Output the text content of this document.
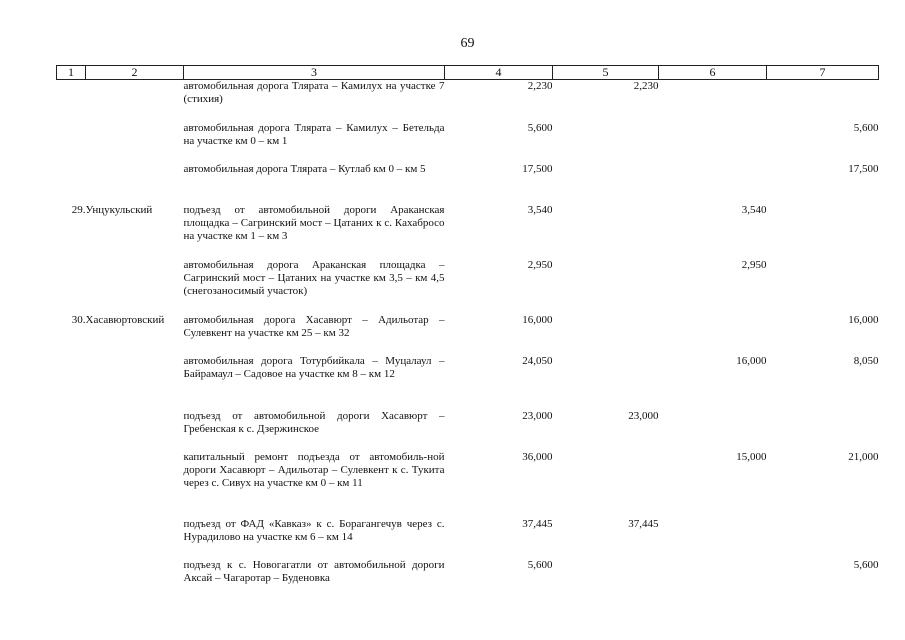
69
1	2	3	4	5	6	7
		автомобильная дорога Тлярата – Камилух на участке 7 (стихия)	2,230	2,230		
		автомобильная дорога Тлярата – Камилух – Бетельда на участке км 0 – км 1	5,600			5,600
		автомобильная дорога Тлярата – Кутлаб км 0 – км 5	17,500			17,500
29.	Унцукульский	подъезд от автомобильной дороги Араканская площадка – Сагринский мост – Цатаних к с. Кахабросо на участке км 1 – км 3	3,540		3,540	
		автомобильная дорога Араканская площадка – Сагринский мост – Цатаних на участке км 3,5 – км 4,5 (снегозаносимый участок)	2,950		2,950	
30.	Хасавюртовский	автомобильная дорога Хасавюрт – Адильотар – Сулевкент на участке км 25 – км 32	16,000			16,000
		автомобильная дорога Тотурбийкала – Муцалаул – Байрамаул – Садовое на участке км 8 – км 12	24,050		16,000	8,050
		подъезд от автомобильной дороги Хасавюрт – Гребенская к с. Дзержинское	23,000	23,000		
		капитальный ремонт подъезда от автомобиль-ной дороги Хасавюрт – Адильотар – Сулевкент к с. Тукита через с. Сивух на участке км 0 – км 11	36,000		15,000	21,000
		подъезд от ФАД «Кавказ» к с. Борагангечув через с. Нурадилово на участке км 6 – км 14	37,445	37,445		
		подъезд к с. Новогагатли от автомобильной дороги Аксай – Чагаротар – Буденовка	5,600			5,600
